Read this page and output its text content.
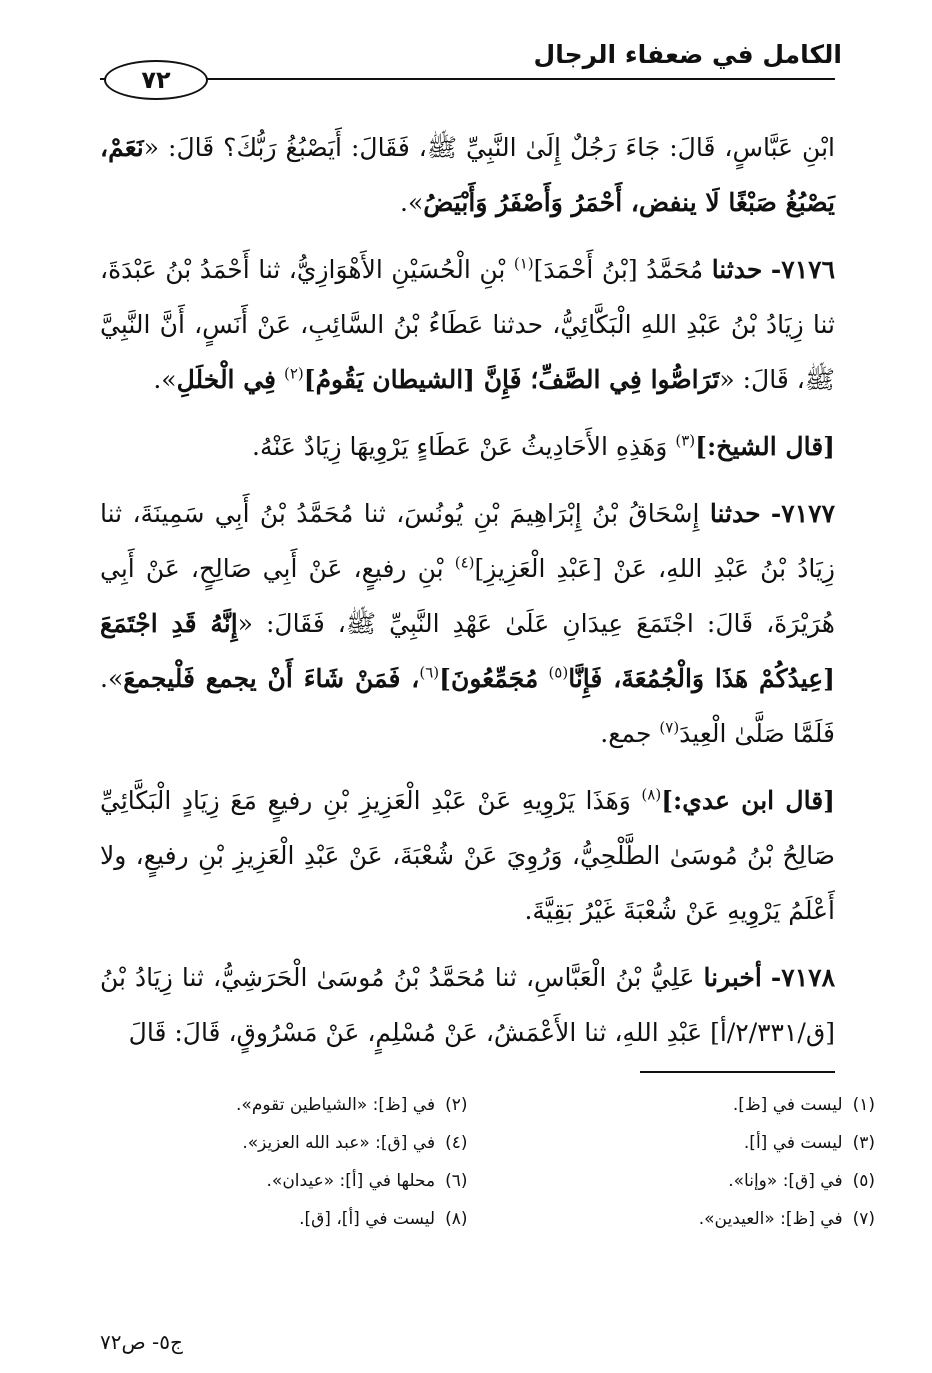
الكامل في ضعفاء الرجال
٧٢

ابْنِ عَبَّاسٍ، قَالَ: جَاءَ رَجُلٌ إِلَىٰ النَّبِيِّ ﷺ، فَقَالَ: أَيَصْبُغُ رَبُّكَ؟ قَالَ: «نَعَمْ، يَصْبُغُ صَبْغًا لَا ينفض، أَحْمَرُ وَأَصْفَرُ وَأَبْيَضُ».

٧١٧٦- حدثنا مُحَمَّدُ [بْنُ أَحْمَدَ]$^{(١)}$ بْنِ الْحُسَيْنِ الأَهْوَازِيُّ، ثنا أَحْمَدُ بْنُ عَبْدَةَ، ثنا زِيَادُ بْنُ عَبْدِ اللهِ الْبَكَّائِيُّ، حدثنا عَطَاءُ بْنُ السَّائِبِ، عَنْ أَنَسٍ، أَنَّ النَّبِيَّ ﷺ، قَالَ: «تَرَاصُّوا فِي الصَّفِّ؛ فَإِنَّ [الشيطان يَقُومُ]$^{(٢)}$ فِي الْخلَلِ».

[قال الشيخ:]$^{(٣)}$ وَهَذِهِ الأَحَادِيثُ عَنْ عَطَاءٍ يَرْوِيهَا زِيَادٌ عَنْهُ.

٧١٧٧- حدثنا إِسْحَاقُ بْنُ إِبْرَاهِيمَ بْنِ يُونُسَ، ثنا مُحَمَّدُ بْنُ أَبِي سَمِينَةَ، ثنا زِيَادُ بْنُ عَبْدِ اللهِ، عَنْ [عَبْدِ الْعَزِيزِ]$^{(٤)}$ بْنِ رفيعٍ، عَنْ أَبِي صَالِحٍ، عَنْ أَبِي هُرَيْرَةَ، قَالَ: اجْتَمَعَ عِيدَانِ عَلَىٰ عَهْدِ النَّبِيِّ ﷺ، فَقَالَ: «إِنَّهُ قَدِ اجْتَمَعَ [عِيدُكُمْ هَذَا وَالْجُمُعَةَ، فَإِنَّا$^{(٥)}$ مُجَمِّعُونَ]$^{(٦)}$، فَمَنْ شَاءَ أَنْ يجمع فَلْيجمعَ». فَلَمَّا صَلَّىٰ الْعِيدَ$^{(٧)}$ جمع.

[قال ابن عدي:]$^{(٨)}$ وَهَذَا يَرْوِيهِ عَنْ عَبْدِ الْعَزِيزِ بْنِ رفيعٍ مَعَ زِيَادٍ الْبَكَّائِيِّ صَالِحُ بْنُ مُوسَىٰ الطَّلْحِيُّ، وَرُوِيَ عَنْ شُعْبَةَ، عَنْ عَبْدِ الْعَزِيزِ بْنِ رفيعٍ، ولا أَعْلَمُ يَرْوِيهِ عَنْ شُعْبَةَ غَيْرُ بَقِيَّةَ.

٧١٧٨- أخبرنا عَلِيُّ بْنُ الْعَبَّاسِ، ثنا مُحَمَّدُ بْنُ مُوسَىٰ الْحَرَشِيُّ، ثنا زِيَادُ بْنُ [ق/٢/٣٣١/أ] عَبْدِ اللهِ، ثنا الأَعْمَشُ، عَنْ مُسْلِمٍ، عَنْ مَسْرُوقٍ، قَالَ: قَالَ

(١)ليست في [ظ].
(٢)في [ظ]: «الشياطين تقوم».
(٣)ليست في [أ].
(٤)في [ق]: «عبد الله العزيز».
(٥)في [ق]: «وإنا».
(٦)محلها في [أ]: «عيدان».
(٧)في [ظ]: «العيدين».
(٨)ليست في [أ]، [ق].
ج٥- ص٧٢
